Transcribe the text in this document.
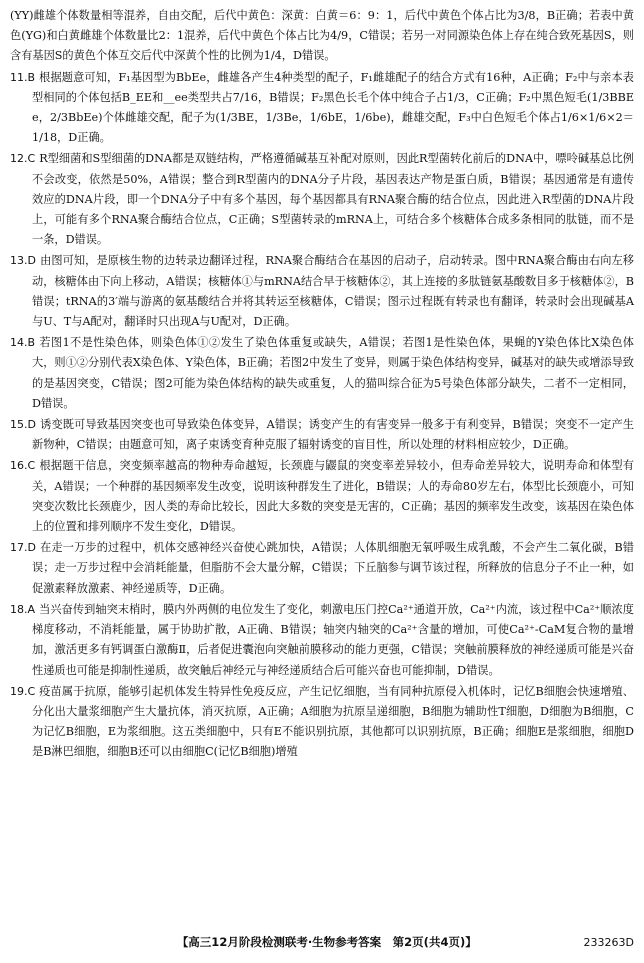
(YY)雌雄个体数量相等混养，自由交配，后代中黄色：深黄：白黄＝6：9：1，后代中黄色个体占比为3/8，B正确；若表中黄色(YG)和白黄雌雄个体数量比2：1混养，后代中黄色个体占比为4/9，C错误；若另一对同源染色体上存在纯合致死基因S，则含有基因S的黄色个体互交后代中深黄个性的比例为1/4，D错误。

11.B 根据题意可知，F₁基因型为BbEe，雌雄各产生4种类型的配子，F₁雌雄配子的结合方式有16种，A正确；F₂中与亲本表型相同的个体包括B_EE和__ee类型共占7/16，B错误；F₂黑色长毛个体中纯合子占1/3，C正确；F₂中黑色短毛(1/3BBEe，2/3BbEe)个体雌雄交配，配子为(1/3BE，1/3Be，1/6bE，1/6be)，雌雄交配，F₃中白色短毛个体占1/6×1/6×2＝1/18，D正确。

12.C R型细菌和S型细菌的DNA都是双链结构，严格遵循碱基互补配对原则，因此R型菌转化前后的DNA中，嘌呤碱基总比例不会改变，依然是50%，A错误；整合到R型菌内的DNA分子片段，基因表达产物是蛋白质，B错误；基因通常是有遗传效应的DNA片段，即一个DNA分子中有多个基因，每个基因都具有RNA聚合酶的结合位点，因此进入R型菌的DNA片段上，可能有多个RNA聚合酶结合位点，C正确；S型菌转录的mRNA上，可结合多个核糖体合成多条相同的肽链，而不是一条，D错误。

13.D 由图可知，是原核生物的边转录边翻译过程，RNA聚合酶结合在基因的启动子，启动转录。图中RNA聚合酶由右向左移动，核糖体由下向上移动，A错误；核糖体①与mRNA结合早于核糖体②，其上连接的多肽链氨基酸数目多于核糖体②，B错误；tRNA的3′端与游离的氨基酸结合并将其转运至核糖体，C错误；图示过程既有转录也有翻译，转录时会出现碱基A与U、T与A配对，翻译时只出现A与U配对，D正确。

14.B 若图1不是性染色体，则染色体①②发生了染色体重复或缺失，A错误；若图1是性染色体，果蝇的Y染色体比X染色体大，则①②分别代表X染色体、Y染色体，B正确；若图2中发生了变异，则属于染色体结构变异，碱基对的缺失或增添导致的是基因突变，C错误；图2可能为染色体结构的缺失或重复，人的猫叫综合征为5号染色体部分缺失，二者不一定相同，D错误。

15.D 诱变既可导致基因突变也可导致染色体变异，A错误；诱变产生的有害变异一般多于有利变异，B错误；突变不一定产生新物种，C错误；由题意可知，离子束诱变育种克服了辐射诱变的盲目性，所以处理的材料相应较少，D正确。

16.C 根据题干信息，突变频率越高的物种寿命越短，长颈鹿与鼹鼠的突变率差异较小，但寿命差异较大，说明寿命和体型有关，A错误；一个种群的基因频率发生改变，说明该种群发生了进化，B错误；人的寿命80岁左右，体型比长颈鹿小，可知突变次数比长颈鹿少，因人类的寿命比较长，因此大多数的突变是无害的，C正确；基因的频率发生改变，该基因在染色体上的位置和排列顺序不发生变化，D错误。

17.D 在走一万步的过程中，机体交感神经兴奋使心跳加快，A错误；人体肌细胞无氧呼吸生成乳酸，不会产生二氧化碳，B错误；走一万步过程中会消耗能量，但脂肪不会大量分解，C错误；下丘脑参与调节该过程，所释放的信息分子不止一种，如促激素释放激素、神经递质等，D正确。

18.A 当兴奋传到轴突末梢时，膜内外两侧的电位发生了变化，刺激电压门控Ca²⁺通道开放，Ca²⁺内流，该过程中Ca²⁺顺浓度梯度移动，不消耗能量，属于协助扩散，A正确、B错误；轴突内轴突的Ca²⁺含量的增加，可使Ca²⁺-CaM复合物的量增加，激活更多有钙调蛋白激酶Ⅱ，后者促进囊泡向突触前膜移动的能力更强，C错误；突触前膜释放的神经递质可能是兴奋性递质也可能是抑制性递质，故突触后神经元与神经递质结合后可能兴奋也可能抑制，D错误。

19.C 疫苗属于抗原，能够引起机体发生特异性免疫反应，产生记忆细胞，当有同种抗原侵入机体时，记忆B细胞会快速增殖、分化出大量浆细胞产生大量抗体，消灭抗原，A正确；A细胞为抗原呈递细胞，B细胞为辅助性T细胞，D细胞为B细胞，C为记忆B细胞，E为浆细胞。这五类细胞中，只有E不能识别抗原，其他都可以识别抗原，B正确；细胞E是浆细胞，细胞D是B淋巴细胞，细胞B还可以由细胞C(记忆B细胞)增殖

【高三12月阶段检测联考·生物参考答案　第2页(共4页)】	233263D
